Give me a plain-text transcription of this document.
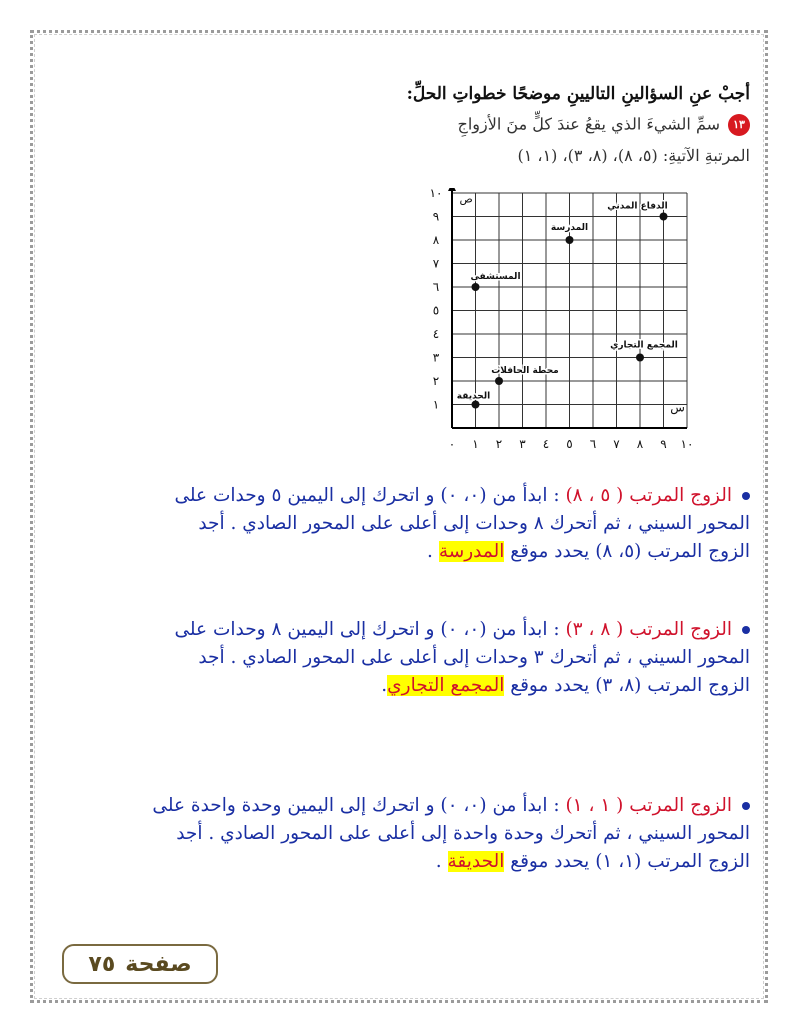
أجبْ عنِ السؤالينِ التاليينِ موضحًا خطواتِ الحلِّ:
١٣سمِّ الشيءَ الذي يقعُ عندَ كلٍّ منَ الأزواجِ
المرتبةِ الآتيةِ: (٥، ٨)، (٨، ٣)، (١، ١)
٠ ١ ٢ ٣ ٤ ٥ ٦ ٧ ٨ ٩ ١٠
١
٢
٣
٤
٥
٦
٧
٨
٩
١٠
س
ص
الحديقة
محطة الحافلات
المستشفى
المدرسة
الدفاع المدني
المجمع التجاري
الزوج المرتب ( ٥ ، ٨) : ابدأ من (٠، ٠) و اتحرك إلى اليمين ٥ وحدات على
المحور السيني ، ثم أتحرك ٨ وحدات إلى أعلى على المحور الصادي . أجد
الزوج المرتب (٥، ٨) يحدد موقع المدرسة .
الزوج المرتب ( ٨ ، ٣) : ابدأ من (٠، ٠) و اتحرك إلى اليمين ٨ وحدات على
المحور السيني ، ثم أتحرك ٣ وحدات إلى أعلى على المحور الصادي . أجد
الزوج المرتب (٨، ٣) يحدد موقع المجمع التجاري.
الزوج المرتب ( ١ ، ١) : ابدأ من (٠، ٠) و اتحرك إلى اليمين وحدة واحدة على
المحور السيني ، ثم أتحرك وحدة واحدة إلى أعلى على المحور الصادي . أجد
الزوج المرتب (١، ١) يحدد موقع الحديقة .
صفحة
٧٥
